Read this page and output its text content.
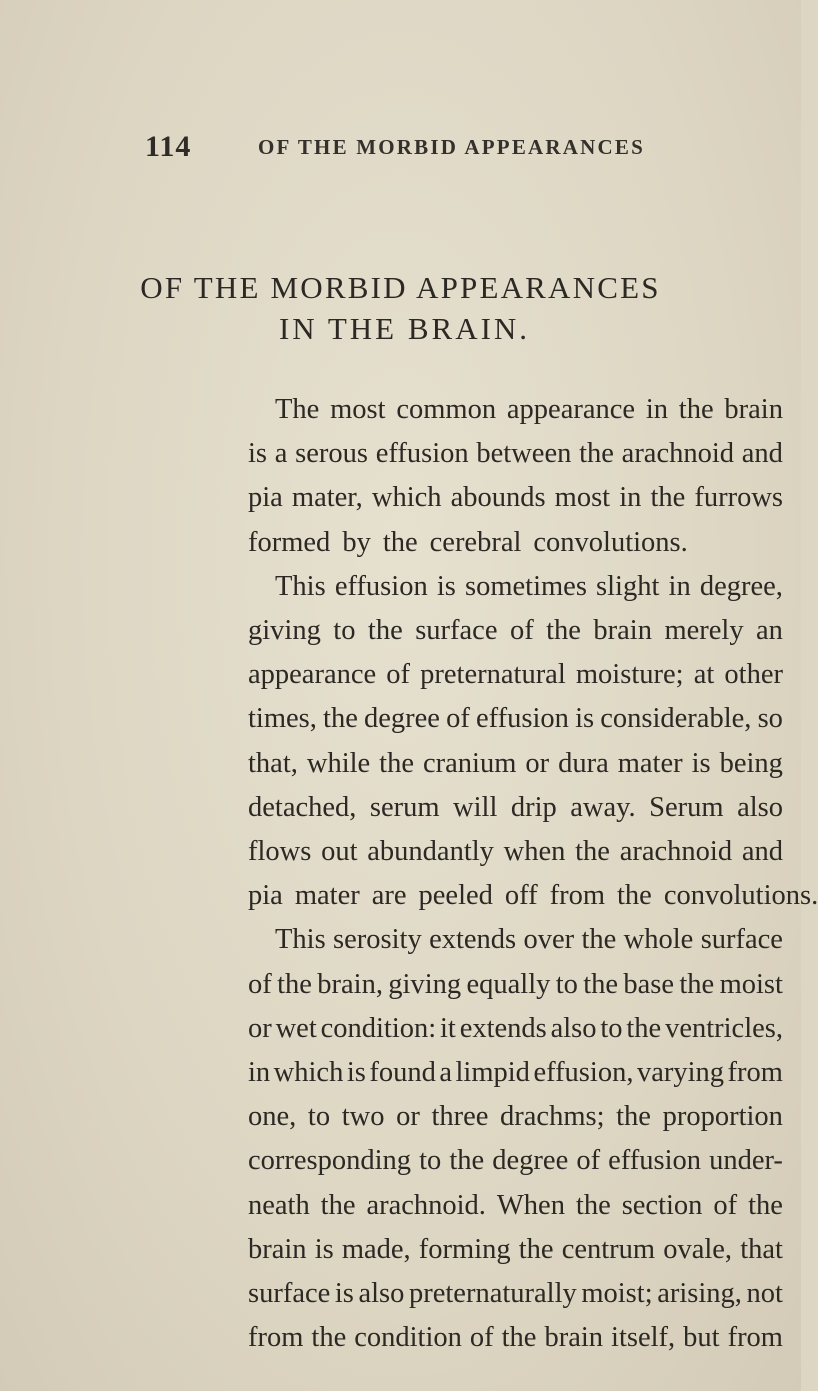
114	OF THE MORBID APPEARANCES
OF THE MORBID APPEARANCES
IN THE BRAIN.
The most common appearance in the brain
is a serous effusion between the arachnoid and
pia mater, which abounds most in the furrows
formed by the cerebral convolutions.
This effusion is sometimes slight in degree,
giving to the surface of the brain merely an
appearance of preternatural moisture; at other
times, the degree of effusion is considerable, so
that, while the cranium or dura mater is being
detached, serum will drip away. Serum also
flows out abundantly when the arachnoid and
pia mater are peeled off from the convolutions.
This serosity extends over the whole surface
of the brain, giving equally to the base the moist
or wet condition: it extends also to the ventricles,
in which is found a limpid effusion, varying from
one, to two or three drachms; the proportion
corresponding to the degree of effusion under-
neath the arachnoid. When the section of the
brain is made, forming the centrum ovale, that
surface is also preternaturally moist; arising, not
from the condition of the brain itself, but from
